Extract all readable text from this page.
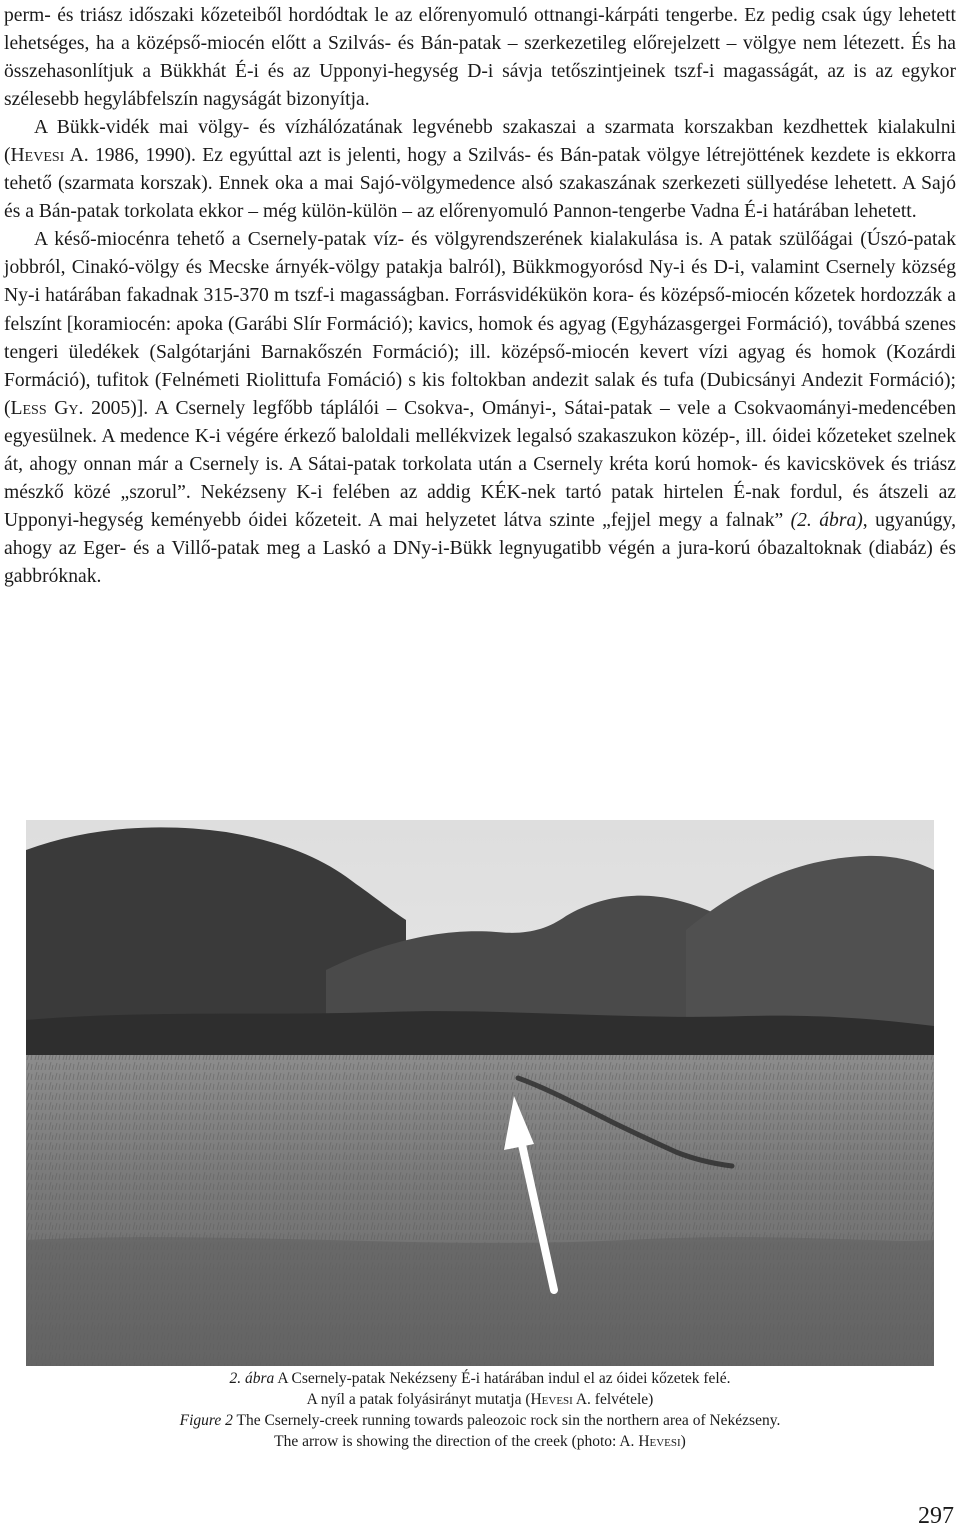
perm- és triász időszaki kőzeteiből hordódtak le az előrenyomuló ottnangi-kárpáti tengerbe. Ez pedig csak úgy lehetett lehetséges, ha a középső-miocén előtt a Szilvás- és Bán-patak – szerkezetileg előrejelzett – völgye nem létezett. És ha összehasonlítjuk a Bükkhát É-i és az Upponyi-hegység D-i sávja tetőszintjeinek tszf-i magasságát, az is az egykor szélesebb hegylábfelszín nagyságát bizonyítja.

A Bükk-vidék mai völgy- és vízhálózatának legvénebb szakaszai a szarmata korszakban kezdhettek kialakulni (Hevesi A. 1986, 1990). Ez egyúttal azt is jelenti, hogy a Szilvás- és Bán-patak völgye létrejöttének kezdete is ekkorra tehető (szarmata korszak). Ennek oka a mai Sajó-völgymedence alsó szakaszának szerkezeti süllyedése lehetett. A Sajó és a Bán-patak torkolata ekkor – még külön-külön – az előrenyomuló Pannon-tengerbe Vadna É-i határában lehetett.

A késő-miocénra tehető a Csernely-patak víz- és völgyrendszerének kialakulása is. A patak szülőágai (Úszó-patak jobbról, Cinakó-völgy és Mecske árnyék-völgy patakja balról), Bükkmogyorósd Ny-i és D-i, valamint Csernely község Ny-i határában fakadnak 315-370 m tszf-i magasságban. Forrásvidékükön kora- és középső-miocén kőzetek hordozzák a felszínt [koramiocén: apoka (Garábi Slír Formáció); kavics, homok és agyag (Egyházasgergei Formáció), továbbá szenes tengeri üledékek (Salgótarjáni Barnakőszén Formáció); ill. középső-miocén kevert vízi agyag és homok (Kozárdi Formáció), tufitok (Felnémeti Riolittufa Fomáció) s kis foltokban andezit salak és tufa (Dubicsányi Andezit Formáció); (Less Gy. 2005)]. A Csernely legfőbb táplálói – Csokva-, Ományi-, Sátai-patak – vele a Csokvaományi-medencében egyesülnek. A medence K-i végére érkező baloldali mellékvizek legalsó szakaszukon közép-, ill. óidei kőzeteket szelnek át, ahogy onnan már a Csernely is. A Sátai-patak torkolata után a Csernely kréta korú homok- és kavicskövek és triász mészkő közé „szorul”. Nekézseny K-i felében az addig KÉK-nek tartó patak hirtelen É-nak fordul, és átszeli az Upponyi-hegység keményebb óidei kőzeteit. A mai helyzetet látva szinte „fejjel megy a falnak” (2. ábra), ugyanúgy, ahogy az Eger- és a Villő-patak meg a Laskó a DNy-i-Bükk legnyugatibb végén a jura-korú óbazaltoknak (diabáz) és gabbróknak.

2. ábra A Csernely-patak Nekézseny É-i határában indul el az óidei kőzetek felé.
A nyíl a patak folyásirányt mutatja (Hevesi A. felvétele)
Figure 2 The Csernely-creek running towards paleozoic rock sin the northern area of Nekézseny.
The arrow is showing the direction of the creek (photo: A. Hevesi)
297
